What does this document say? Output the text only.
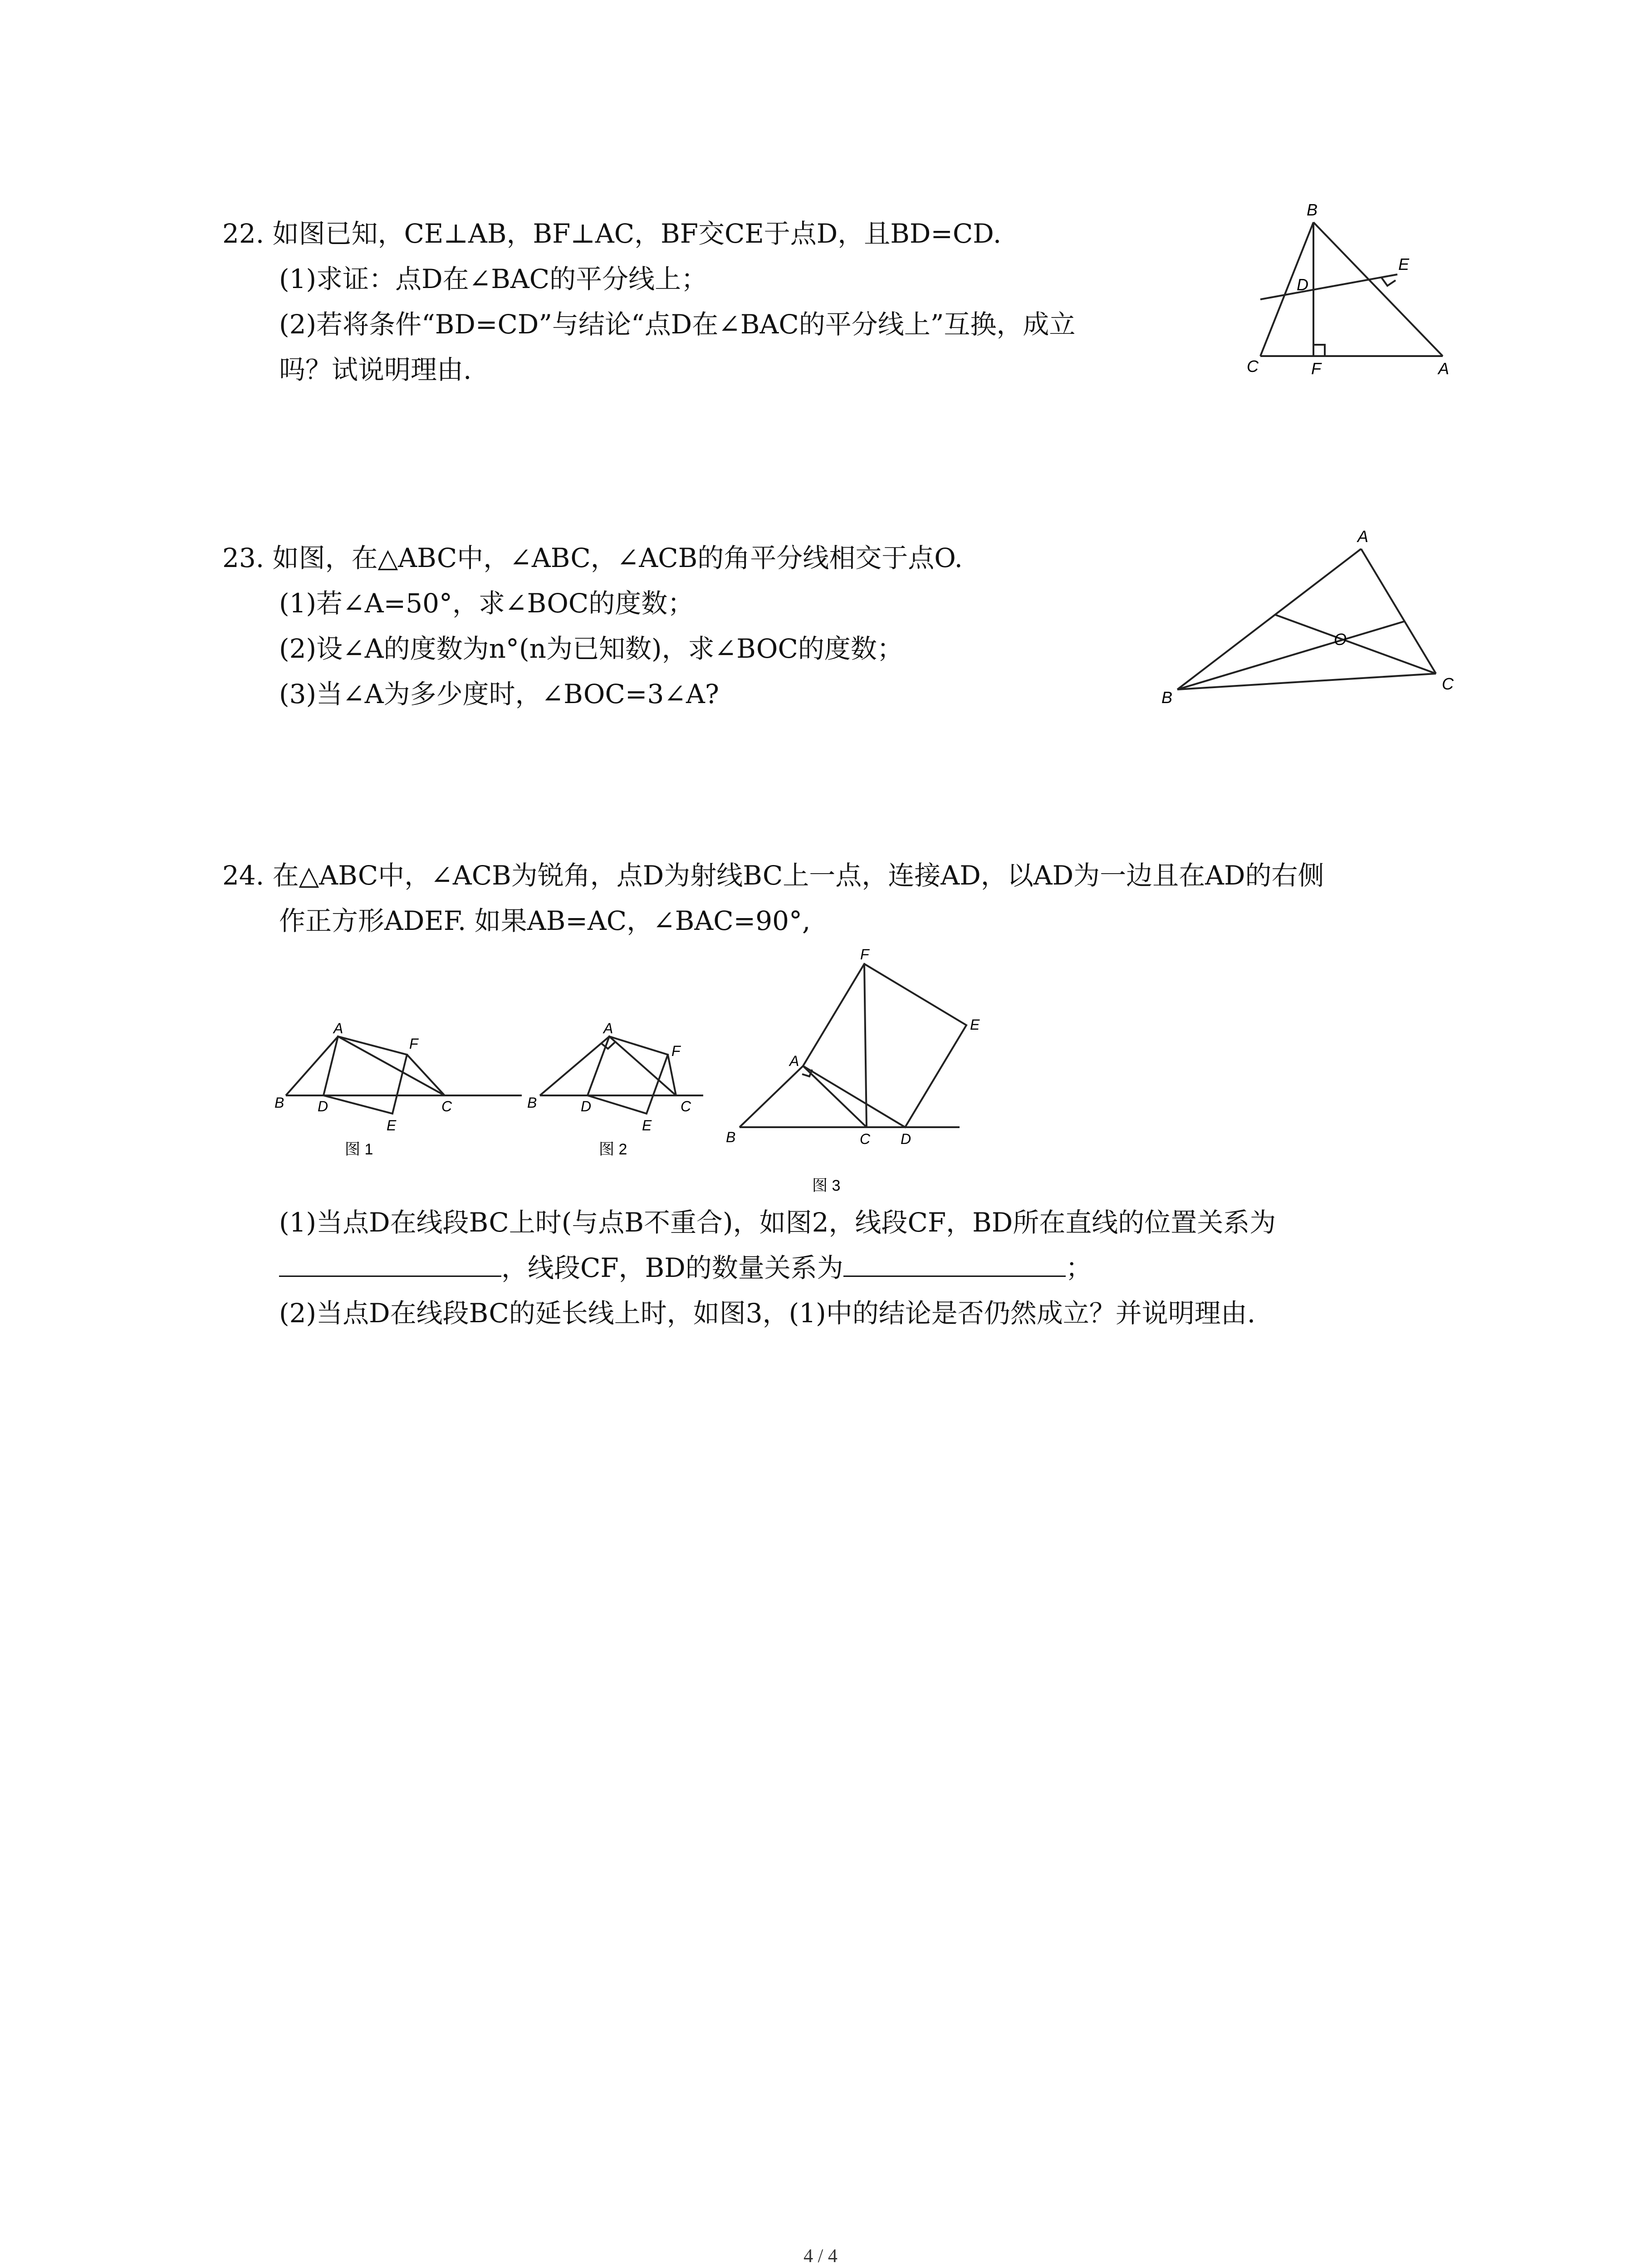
22. 如图已知，CE⊥AB，BF⊥AC，BF交CE于点D，且BD=CD.
(1)求证：点D在∠BAC的平分线上；
(2)若将条件“BD=CD”与结论“点D在∠BAC的平分线上”互换，成立
吗？试说明理由.
B
E
D
C	F	A
23. 如图，在△ABC中，∠ABC，∠ACB的角平分线相交于点O.
(1)若∠A=50°，求∠BOC的度数；
(2)设∠A的度数为n°(n为已知数)，求∠BOC的度数；
(3)当∠A为多少度时，∠BOC=3∠A?
A
O
B
C
24. 在△ABC中，∠ACB为锐角，点D为射线BC上一点，连接AD，以AD为一边且在AD的右侧
作正方形ADEF. 如果AB=AC，∠BAC=90°,
A
F
B D
E
C
图 1
A
F
B	D	C
E
图 2
F
E
A
B	C D
图 3
(1)当点D在线段BC上时(与点B不重合)，如图2，线段CF，BD所在直线的位置关系为
，线段CF，BD的数量关系为	；
(2)当点D在线段BC的延长线上时，如图3，(1)中的结论是否仍然成立？并说明理由.
4 / 4
